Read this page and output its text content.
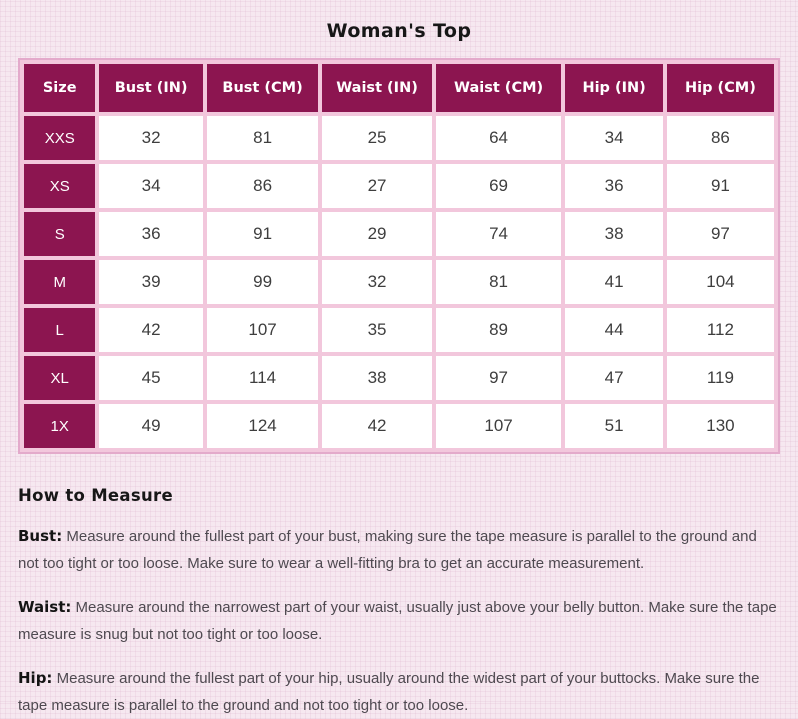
Woman's Top
Size	Bust (IN)	Bust (CM)	Waist (IN)	Waist (CM)	Hip (IN)	Hip (CM)
XXS	32	81	25	64	34	86
XS	34	86	27	69	36	91
S	36	91	29	74	38	97
M	39	99	32	81	41	104
L	42	107	35	89	44	112
XL	45	114	38	97	47	119
1X	49	124	42	107	51	130
How to Measure

Bust: Measure around the fullest part of your bust, making sure the tape measure is parallel to the ground and not too tight or too loose. Make sure to wear a well-fitting bra to get an accurate measurement.

Waist: Measure around the narrowest part of your waist, usually just above your belly button. Make sure the tape measure is snug but not too tight or too loose.

Hip: Measure around the fullest part of your hip, usually around the widest part of your buttocks. Make sure the tape measure is parallel to the ground and not too tight or too loose.
